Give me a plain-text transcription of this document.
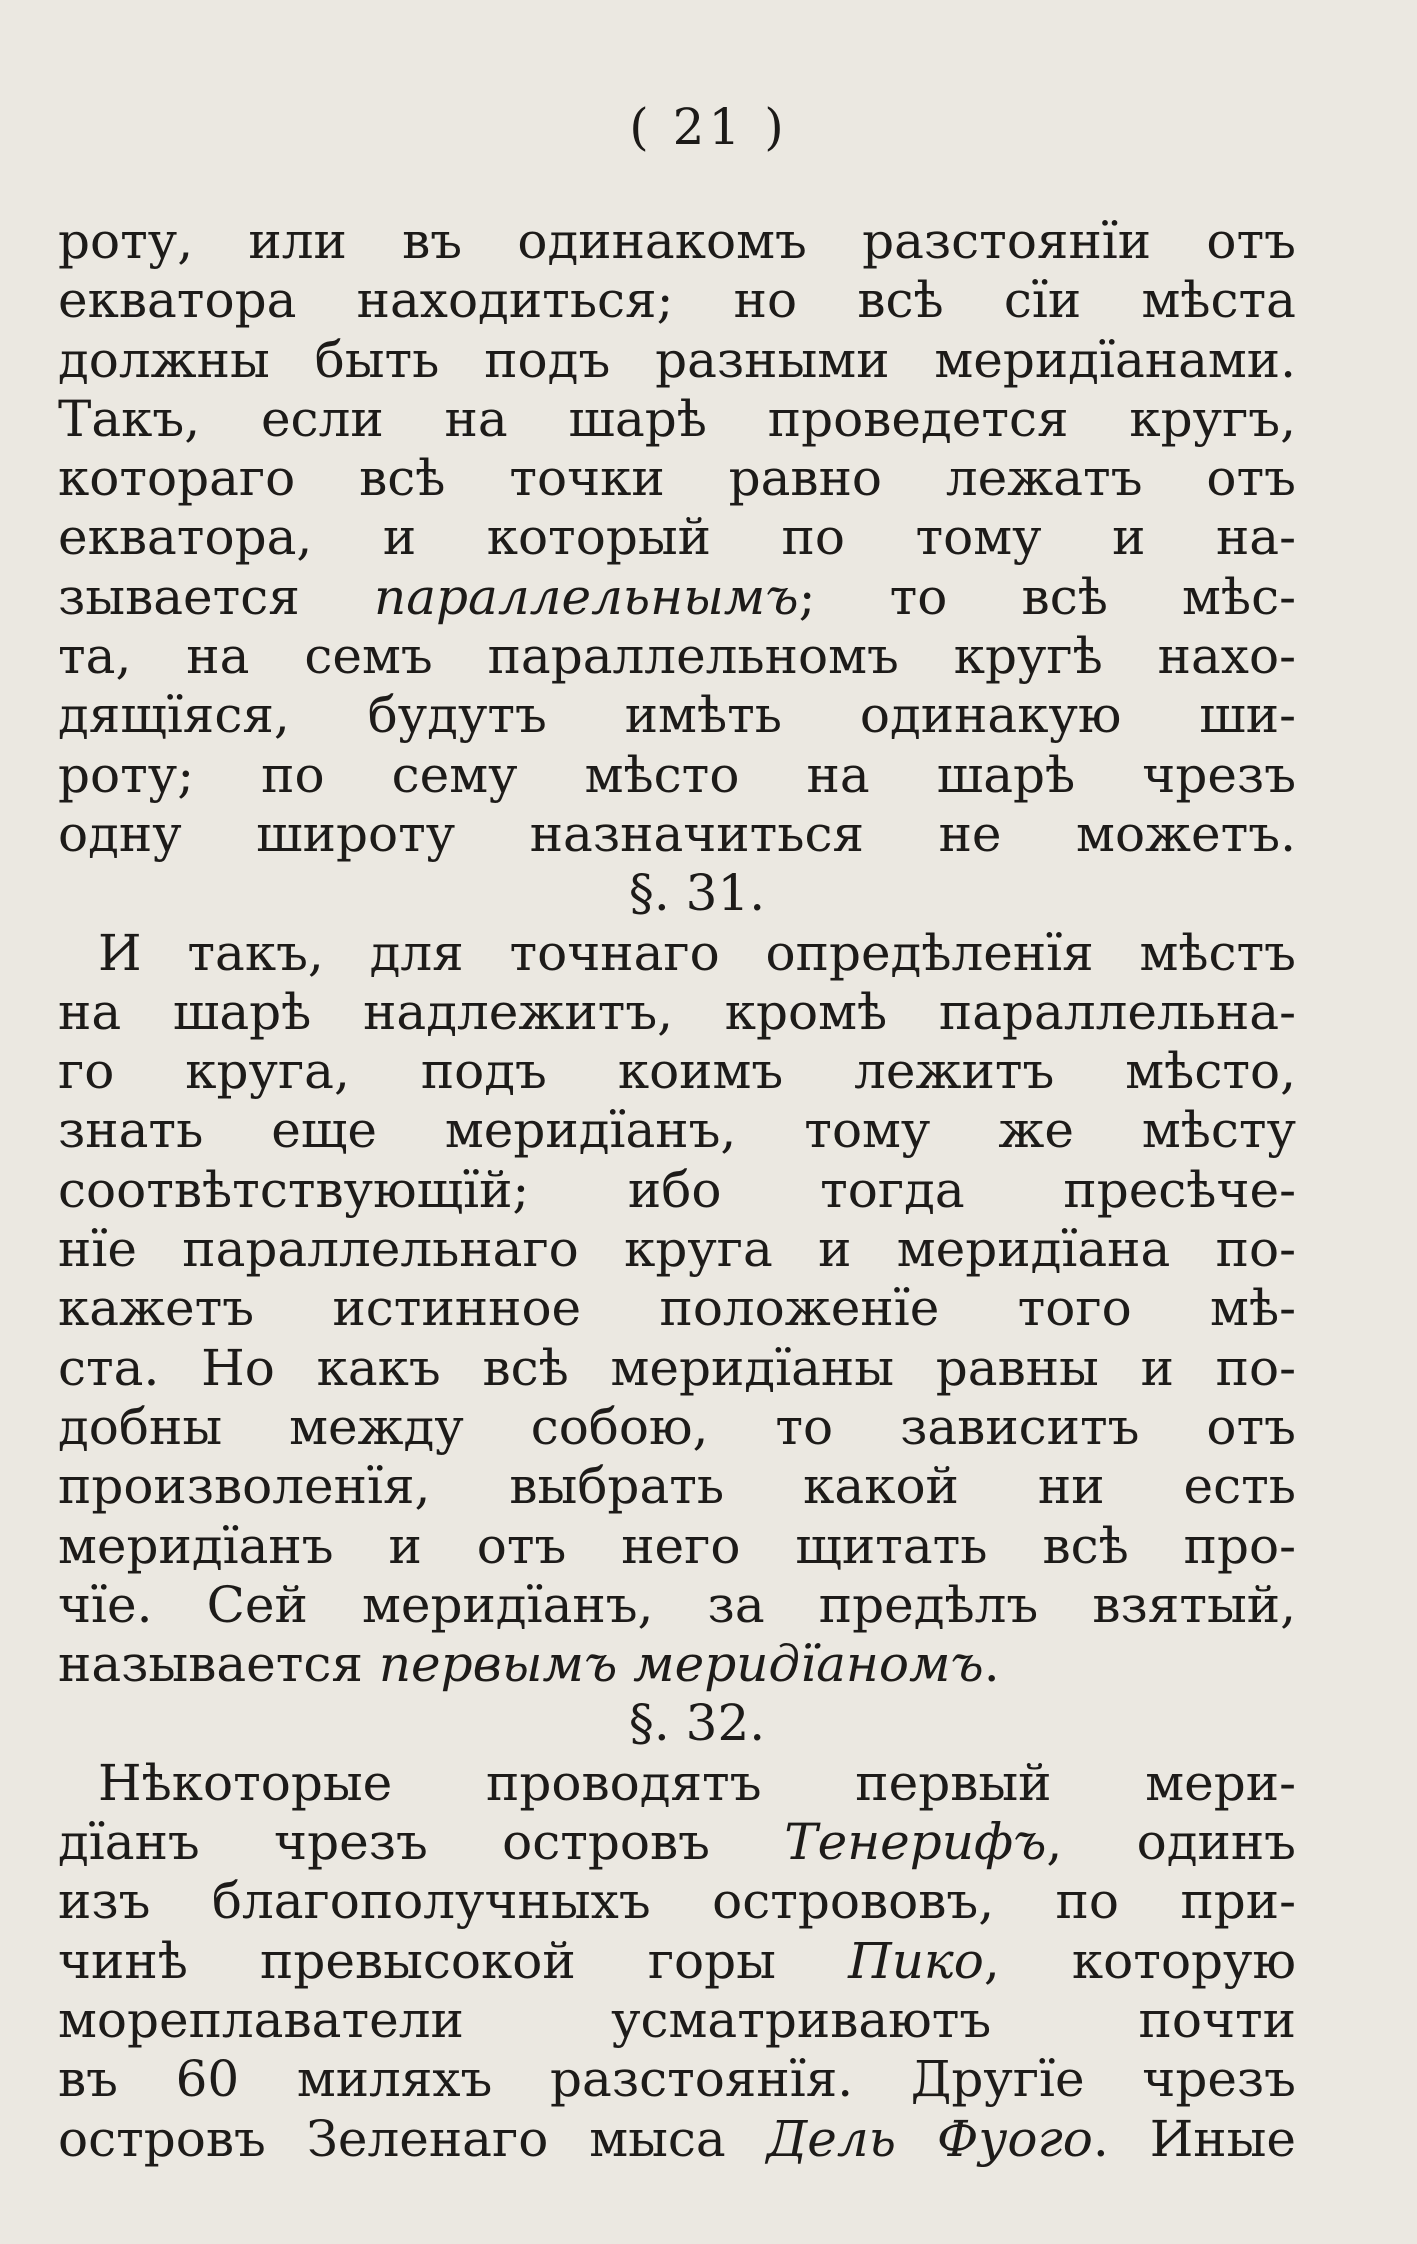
( 21 )
роту, или въ одинакомъ разстоянїи отъ
екватора находиться; но всѣ сїи мѣста
должны быть подъ разными меридїанами.
Такъ, если на шарѣ проведется кругъ,
котораго всѣ точки равно лежатъ отъ
екватора, и который по тому и на-
зывается параллельнымъ; то всѣ мѣс-
та, на семъ параллельномъ кругѣ нахо-
дящїяся, будутъ имѣть одинакую ши-
роту; по сему мѣсто на шарѣ чрезъ
одну широту назначиться не можетъ.
§. 31.
И такъ, для точнаго опредѣленїя мѣстъ
на шарѣ надлежитъ, кромѣ параллельна-
го круга, подъ коимъ лежитъ мѣсто,
знать еще меридїанъ, тому же мѣсту
соотвѣтствующїй; ибо тогда пресѣче-
нїе параллельнаго круга и меридїана по-
кажетъ истинное положенїе того мѣ-
ста. Но какъ всѣ меридїаны равны и по-
добны между собою, то зависитъ отъ
произволенїя, выбрать какой ни есть
меридїанъ и отъ него щитать всѣ про-
чїе. Сей меридїанъ, за предѣлъ взятый,
называется первымъ меридїаномъ.
§. 32.
Нѣкоторые проводятъ первый мери-
дїанъ чрезъ островъ Тенерифъ, одинъ
изъ благополучныхъ острововъ, по при-
чинѣ превысокой горы Пико, которую
мореплаватели усматриваютъ почти
въ 60 миляхъ разстоянїя. Другїе чрезъ
островъ Зеленаго мыса Дель Фуого. Иные
